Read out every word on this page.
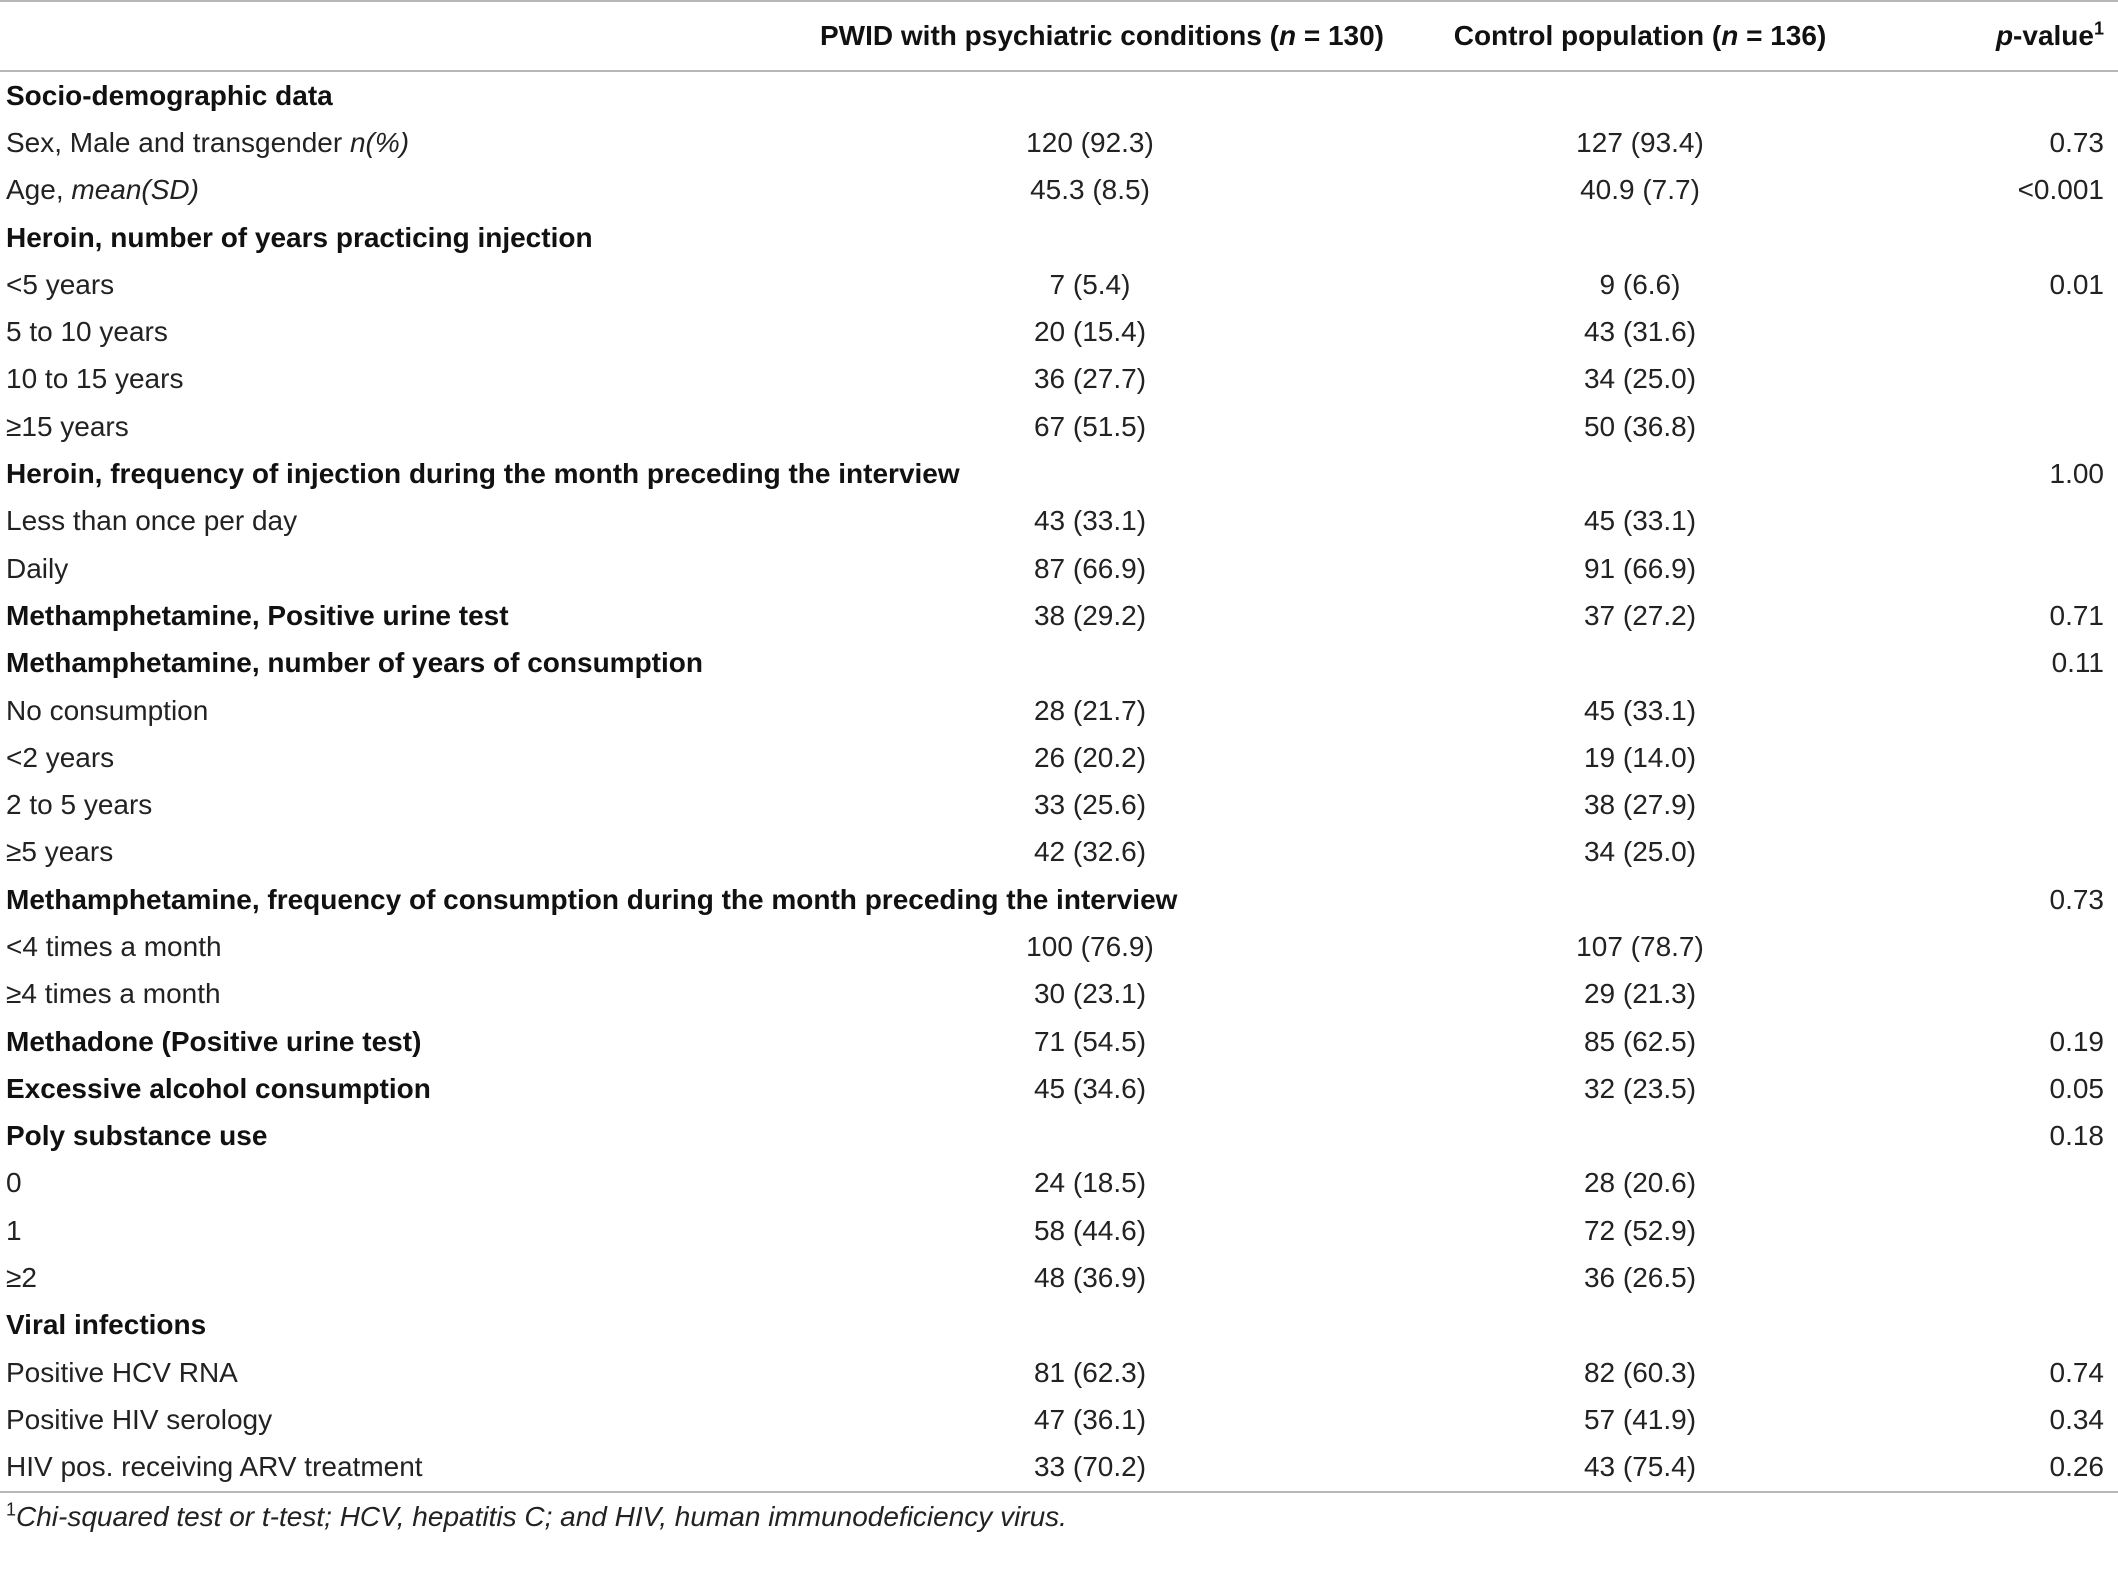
	PWID with psychiatric conditions (n = 130)	Control population (n = 136)	p-value$^1$
Socio-demographic data			
Sex, Male and transgender n(%)	120 (92.3)	127 (93.4)	0.73
Age, mean(SD)	45.3 (8.5)	40.9 (7.7)	<0.001
Heroin, number of years practicing injection			
<5 years	7 (5.4)	9 (6.6)	0.01
5 to 10 years	20 (15.4)	43 (31.6)	
10 to 15 years	36 (27.7)	34 (25.0)	
≥15 years	67 (51.5)	50 (36.8)	
Heroin, frequency of injection during the month preceding the interview			1.00
Less than once per day	43 (33.1)	45 (33.1)	
Daily	87 (66.9)	91 (66.9)	
Methamphetamine, Positive urine test	38 (29.2)	37 (27.2)	0.71
Methamphetamine, number of years of consumption			0.11
No consumption	28 (21.7)	45 (33.1)	
<2 years	26 (20.2)	19 (14.0)	
2 to 5 years	33 (25.6)	38 (27.9)	
≥5 years	42 (32.6)	34 (25.0)	
Methamphetamine, frequency of consumption during the month preceding the interview			0.73
<4 times a month	100 (76.9)	107 (78.7)	
≥4 times a month	30 (23.1)	29 (21.3)	
Methadone (Positive urine test)	71 (54.5)	85 (62.5)	0.19
Excessive alcohol consumption	45 (34.6)	32 (23.5)	0.05
Poly substance use			0.18
0	24 (18.5)	28 (20.6)	
1	58 (44.6)	72 (52.9)	
≥2	48 (36.9)	36 (26.5)	
Viral infections			
Positive HCV RNA	81 (62.3)	82 (60.3)	0.74
Positive HIV serology	47 (36.1)	57 (41.9)	0.34
HIV pos. receiving ARV treatment	33 (70.2)	43 (75.4)	0.26
$^1$Chi-squared test or t-test; HCV, hepatitis C; and HIV, human immunodeficiency virus.
